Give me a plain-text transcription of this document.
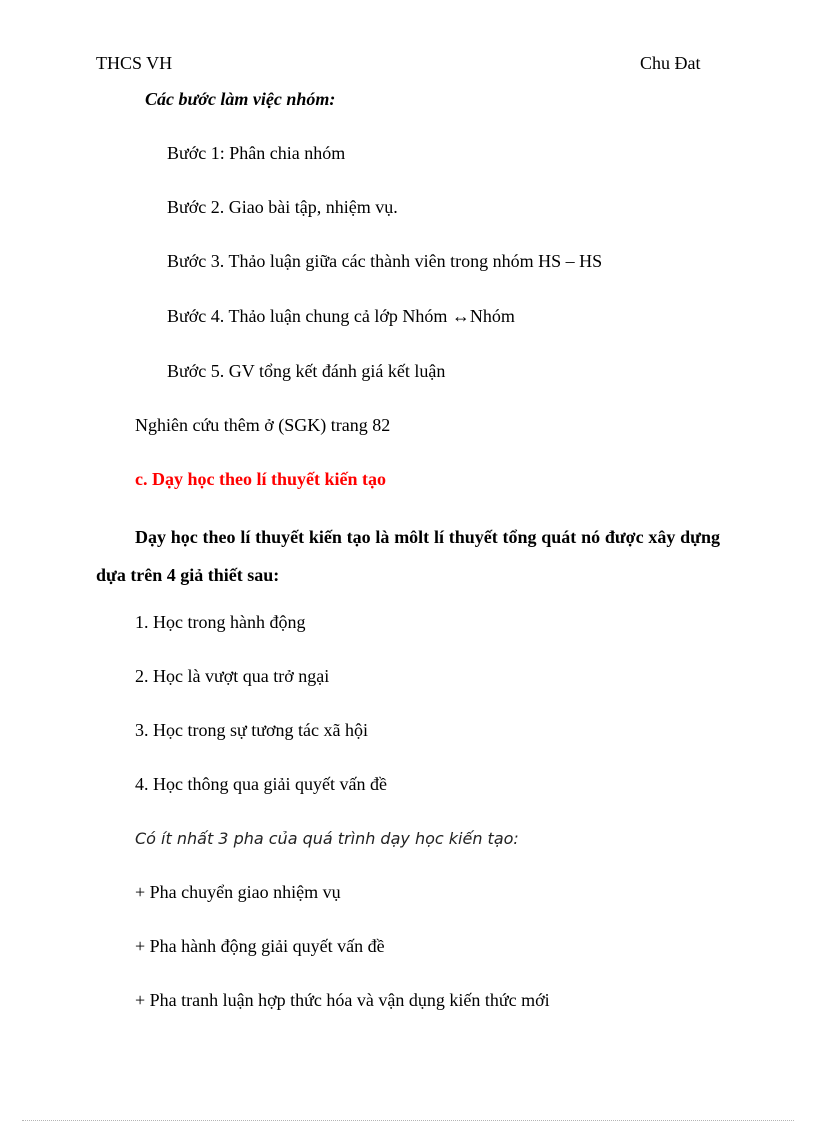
THCS VH	Chu Đat
Các bước làm việc nhóm:
Bước 1: Phân chia nhóm
Bước 2. Giao bài tập, nhiệm vụ.
Bước 3. Thảo luận giữa các thành viên trong nhóm HS – HS
Bước 4. Thảo luận chung cả lớp Nhóm ↔Nhóm
Bước 5. GV tổng kết đánh giá kết luận
Nghiên cứu thêm ở (SGK) trang 82
c. Dạy học theo lí thuyết kiến tạo
Dạy học theo lí thuyết kiến tạo là môlt lí thuyết tổng quát nó được xây dựng dựa trên 4 giả thiết sau:
1. Học trong hành động
2. Học là vượt qua trở ngại
3. Học trong sự tương tác xã hội
4. Học thông qua giải quyết vấn đề
Có ít nhất 3 pha của quá trình dạy học kiến tạo:
+ Pha chuyển giao nhiệm vụ
+ Pha hành động giải quyết vấn đề
+ Pha tranh luận hợp thức hóa và vận dụng kiến thức mới
